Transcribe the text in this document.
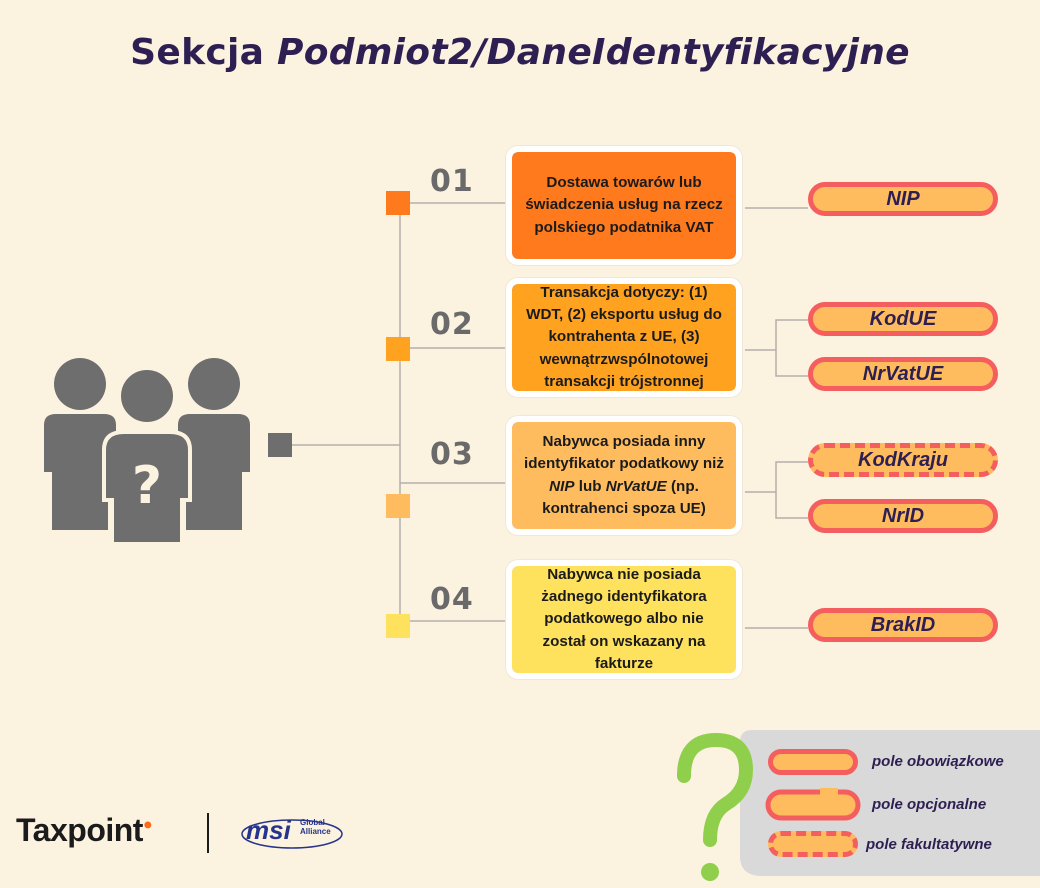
?
Sekcja Podmiot2/DaneIdentyfikacyjne
01
02
03
04
Dostawa towarów lub świadczenia usług na rzecz polskiego podatnika VAT
Transakcja dotyczy: (1) WDT, (2) eksportu usług do kontrahenta z UE, (3) wewnątrzwspólnotowej transakcji trójstronnej
Nabywca posiada inny identyfikator podatkowy niż NIP lub NrVatUE (np. kontrahenci spoza UE)
Nabywca nie posiada żadnego identyfikatora podatkowego albo nie został on wskazany na fakturze
NIP
KodUE
NrVatUE
KodKraju
NrID
BrakID
pole obowiązkowe
pole opcjonalne
pole fakultatywne
Taxpoint●	msi Global Alliance
